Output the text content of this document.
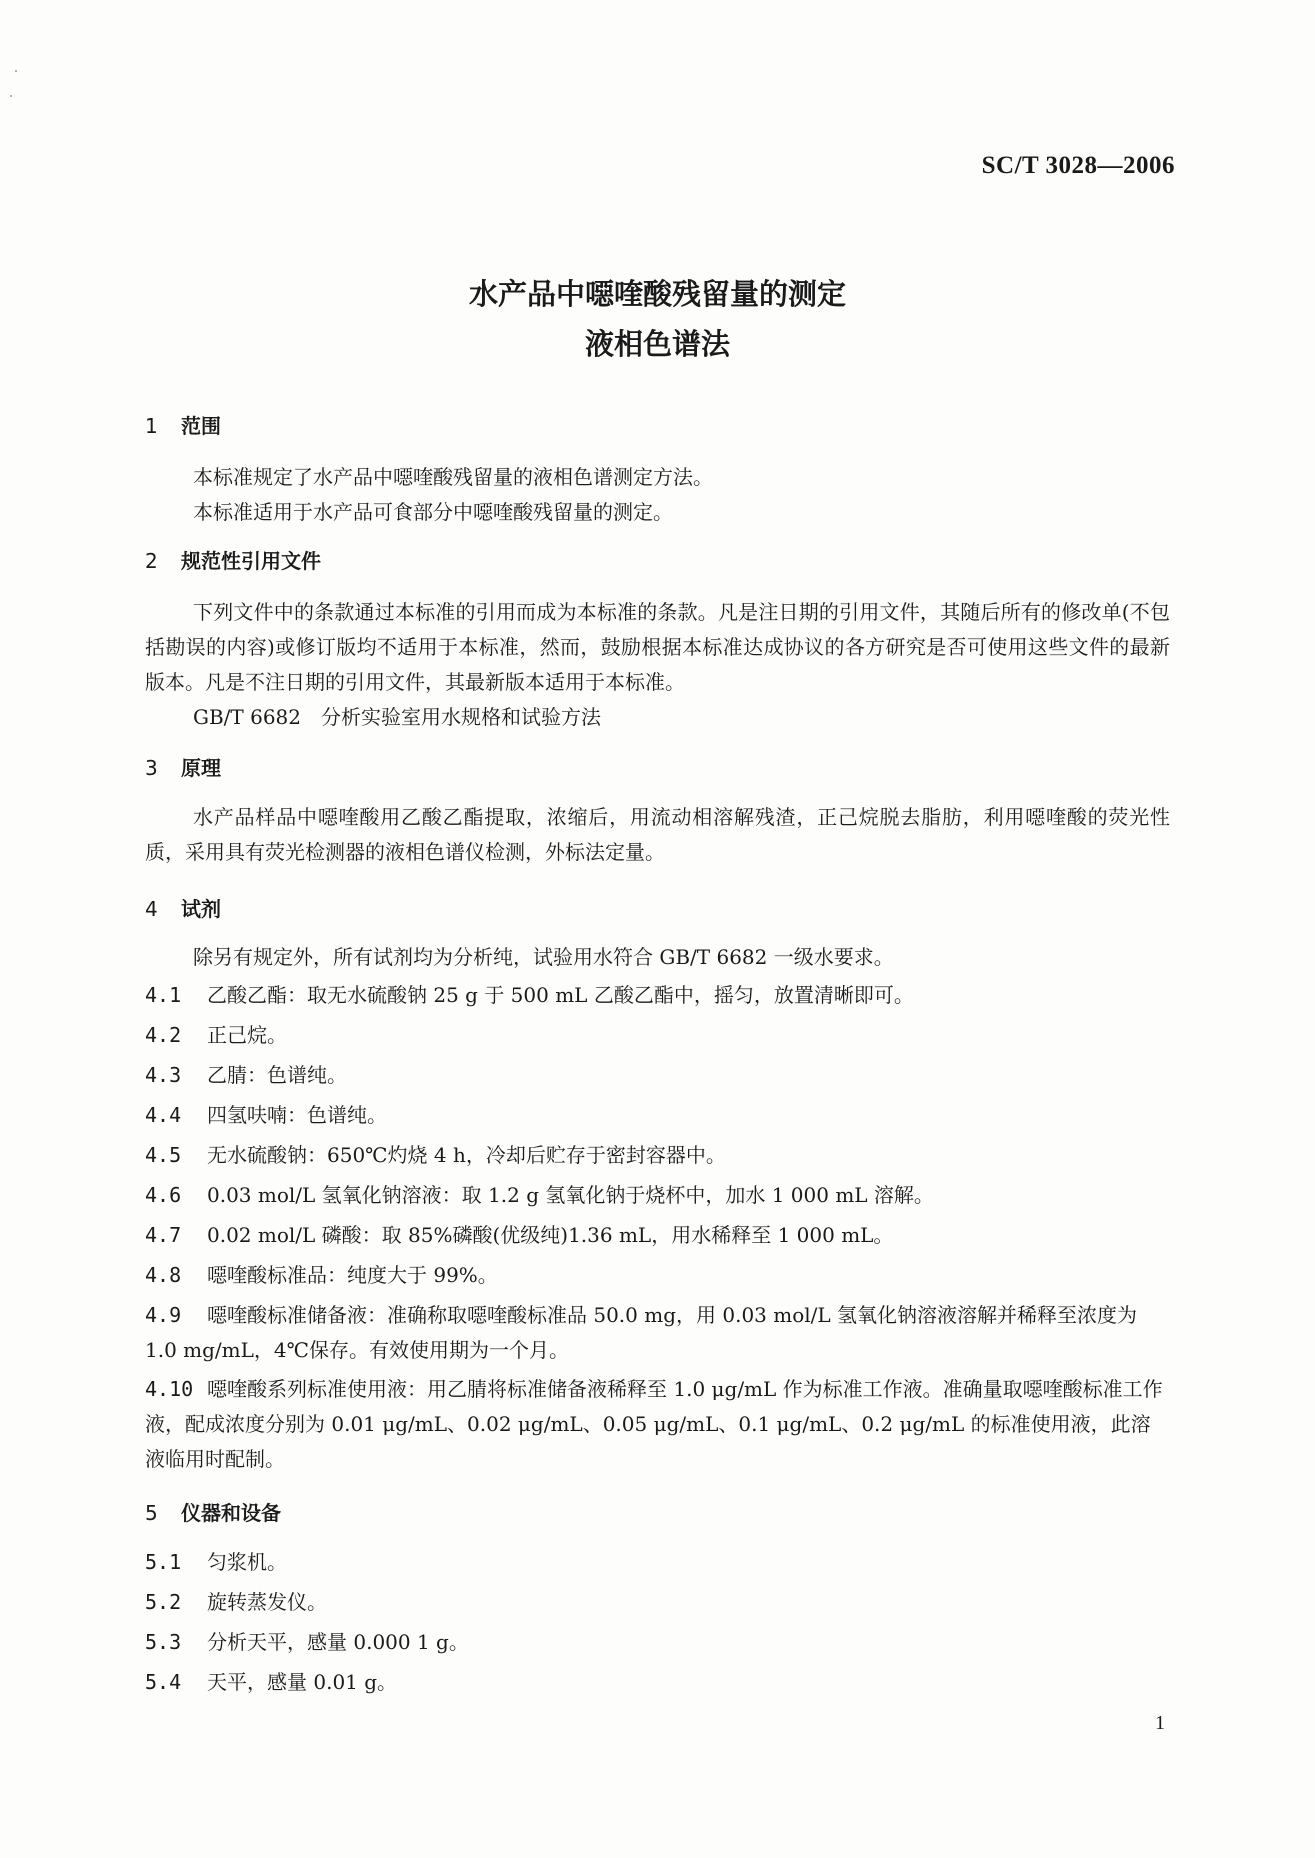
SC/T 3028—2006
水产品中噁喹酸残留量的测定
液相色谱法
1 范围
本标准规定了水产品中噁喹酸残留量的液相色谱测定方法。
本标准适用于水产品可食部分中噁喹酸残留量的测定。
2 规范性引用文件

下列文件中的条款通过本标准的引用而成为本标准的条款。凡是注日期的引用文件，其随后所有的修改单(不包括勘误的内容)或修订版均不适用于本标准，然而，鼓励根据本标准达成协议的各方研究是否可使用这些文件的最新版本。凡是不注日期的引用文件，其最新版本适用于本标准。

GB/T 6682　分析实验室用水规格和试验方法
3 原理

水产品样品中噁喹酸用乙酸乙酯提取，浓缩后，用流动相溶解残渣，正己烷脱去脂肪，利用噁喹酸的荧光性质，采用具有荧光检测器的液相色谱仪检测，外标法定量。

4 试剂
除另有规定外，所有试剂均为分析纯，试验用水符合 GB/T 6682 一级水要求。
4.1 乙酸乙酯：取无水硫酸钠 25 g 于 500 mL 乙酸乙酯中，摇匀，放置清晰即可。
4.2 正己烷。
4.3 乙腈：色谱纯。
4.4 四氢呋喃：色谱纯。
4.5 无水硫酸钠：650℃灼烧 4 h，冷却后贮存于密封容器中。
4.6 0.03 mol/L 氢氧化钠溶液：取 1.2 g 氢氧化钠于烧杯中，加水 1 000 mL 溶解。
4.7 0.02 mol/L 磷酸：取 85%磷酸(优级纯)1.36 mL，用水稀释至 1 000 mL。
4.8 噁喹酸标准品：纯度大于 99%。
4.9 噁喹酸标准储备液：准确称取噁喹酸标准品 50.0 mg，用 0.03 mol/L 氢氧化钠溶液溶解并稀释至浓度为 1.0 mg/mL，4℃保存。有效使用期为一个月。
4.10 噁喹酸系列标准使用液：用乙腈将标准储备液稀释至 1.0 μg/mL 作为标准工作液。准确量取噁喹酸标准工作液，配成浓度分别为 0.01 μg/mL、0.02 μg/mL、0.05 μg/mL、0.1 μg/mL、0.2 μg/mL 的标准使用液，此溶液临用时配制。
5 仪器和设备
5.1 匀浆机。
5.2 旋转蒸发仪。
5.3 分析天平，感量 0.000 1 g。
5.4 天平，感量 0.01 g。
1
